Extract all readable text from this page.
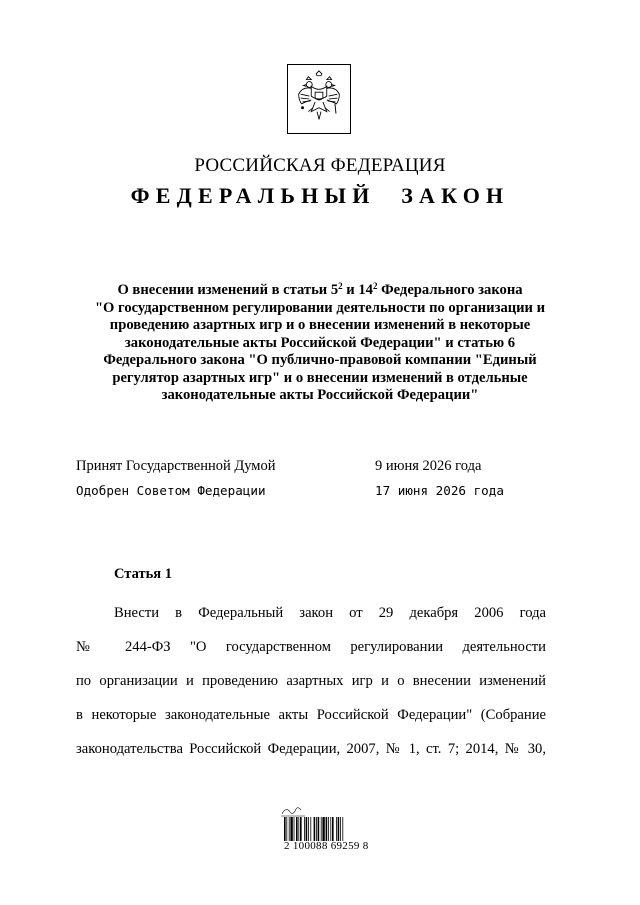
РОССИЙСКАЯ ФЕДЕРАЦИЯ
ФЕДЕРАЛЬНЫЙ ЗАКОН
О внесении изменений в статьи $5^2$ и $14^2$ Федерального закона
"О государственном регулировании деятельности по организации и
проведению азартных игр и о внесении изменений в некоторые
законодательные акты Российской Федерации" и статью 6
Федерального закона "О публично-правовой компании "Единый
регулятор азартных игр" и о внесении изменений в отдельные
законодательные акты Российской Федерации"
Принят Государственной Думой	9 июня 2026 года
Одобрен Советом Федерации	17 июня 2026 года
Статья 1
Внести в Федеральный закон от 29 декабря 2006 года
№ 244-ФЗ "О государственном регулировании деятельности
по организации и проведению азартных игр и о внесении изменений
в некоторые законодательные акты Российской Федерации" (Собрание
законодательства Российской Федерации, 2007, № 1, ст. 7; 2014, № 30,
2 100088 69259 8
